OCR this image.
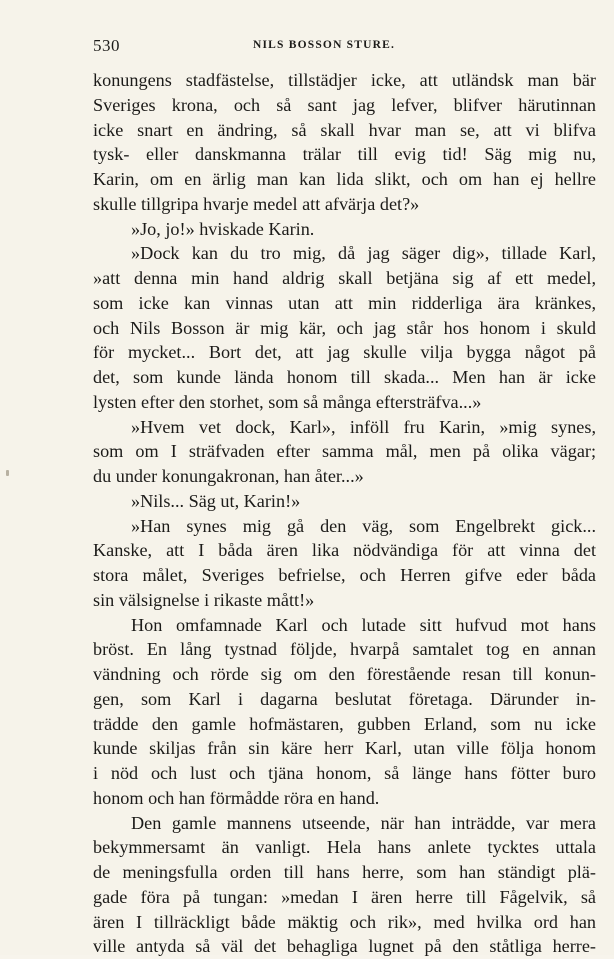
530	NILS BOSSON STURE.
konungens stadfästelse, tillstädjer icke, att utländsk man bär
Sveriges krona, och så sant jag lefver, blifver härutinnan
icke snart en ändring, så skall hvar man se, att vi blifva
tysk- eller danskmanna trälar till evig tid! Säg mig nu,
Karin, om en ärlig man kan lida slikt, och om han ej hellre
skulle tillgripa hvarje medel att afvärja det?»
»Jo, jo!» hviskade Karin.
»Dock kan du tro mig, då jag säger dig», tillade Karl,
»att denna min hand aldrig skall betjäna sig af ett medel,
som icke kan vinnas utan att min ridderliga ära kränkes,
och Nils Bosson är mig kär, och jag står hos honom i skuld
för mycket... Bort det, att jag skulle vilja bygga något på
det, som kunde lända honom till skada... Men han är icke
lysten efter den storhet, som så många eftersträfva...»
»Hvem vet dock, Karl», inföll fru Karin, »mig synes,
som om I sträfvaden efter samma mål, men på olika vägar;
du under konungakronan, han åter...»
»Nils... Säg ut, Karin!»
»Han synes mig gå den väg, som Engelbrekt gick...
Kanske, att I båda ären lika nödvändiga för att vinna det
stora målet, Sveriges befrielse, och Herren gifve eder båda
sin välsignelse i rikaste mått!»
Hon omfamnade Karl och lutade sitt hufvud mot hans
bröst. En lång tystnad följde, hvarpå samtalet tog en annan
vändning och rörde sig om den förestående resan till konun-
gen, som Karl i dagarna beslutat företaga. Därunder in-
trädde den gamle hofmästaren, gubben Erland, som nu icke
kunde skiljas från sin käre herr Karl, utan ville följa honom
i nöd och lust och tjäna honom, så länge hans fötter buro
honom och han förmådde röra en hand.
Den gamle mannens utseende, när han inträdde, var mera
bekymmersamt än vanligt. Hela hans anlete tycktes uttala
de meningsfulla orden till hans herre, som han ständigt plä-
gade föra på tungan: »medan I ären herre till Fågelvik, så
ären I tillräckligt både mäktig och rik», med hvilka ord han
ville antyda så väl det behagliga lugnet på den ståtliga herre-
